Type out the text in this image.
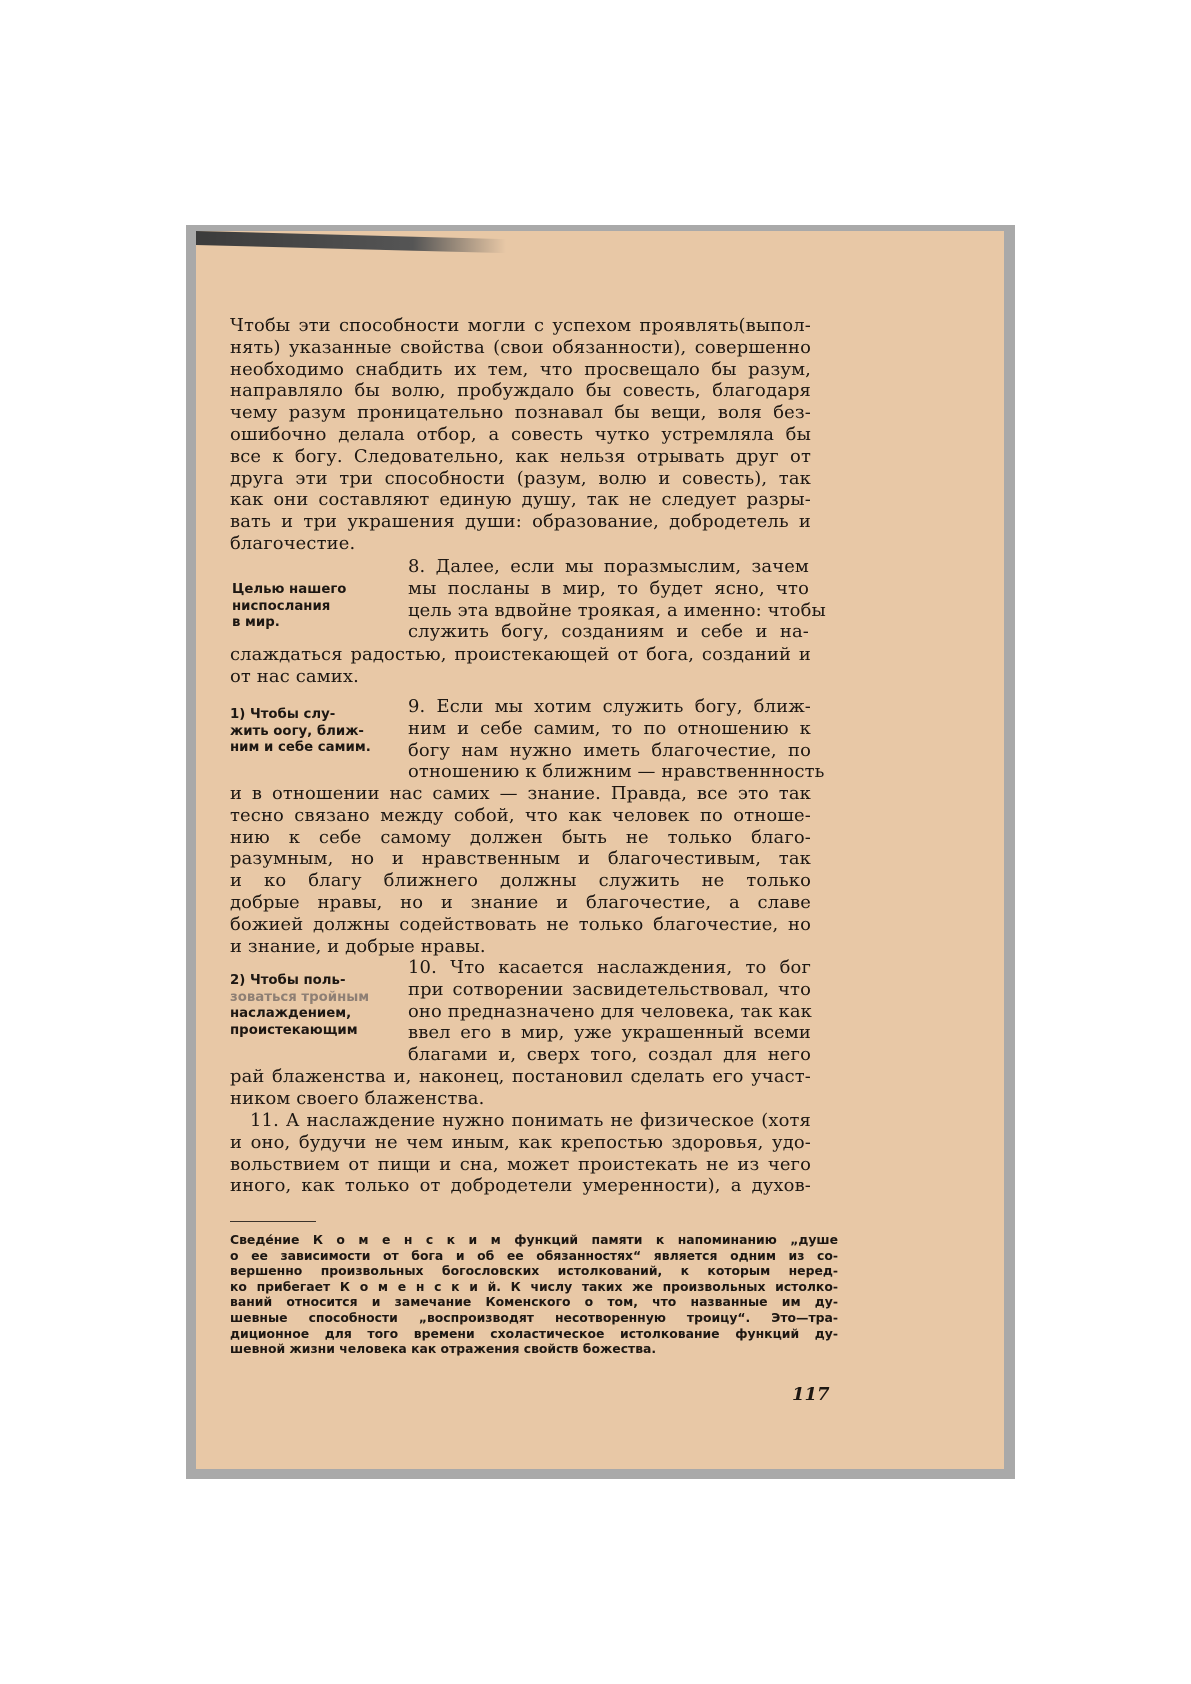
Чтобы эти способности могли с успехом проявлять(выпол-
нять) указанные свойства (свои обязанности), совершенно
необходимо снабдить их тем, что просвещало бы разум,
направляло бы волю, пробуждало бы совесть, благодаря
чему разум проницательно познавал бы вещи, воля без-
ошибочно делала отбор, а совесть чутко устремляла бы
все к богу. Следовательно, как нельзя отрывать друг от
друга эти три способности (разум, волю и совесть), так
как они составляют единую душу, так не следует разры-
вать и три украшения души: образование, добродетель и
благочестие.
Целью нашего
ниспослания
в мир.
8. Далее, если мы поразмыслим, зачем
мы посланы в мир, то будет ясно, что
цель эта вдвойне троякая, а именно: чтобы
служить богу, созданиям и себе и на-
слаждаться радостью, проистекающей от бога, созданий и
от нас самих.
1) Чтобы слу-
жить оогу, ближ-
ним и себе самим.
9. Если мы хотим служить богу, ближ-
ним и себе самим, то по отношению к
богу нам нужно иметь благочестие, по
отношению к ближним — нравственнность
и в отношении нас самих — знание. Правда, все это так
тесно связано между собой, что как человек по отноше-
нию к себе самому должен быть не только благо-
разумным, но и нравственным и благочестивым, так
и ко благу ближнего должны служить не только
добрые нравы, но и знание и благочестие, а славе
божией должны содействовать не только благочестие, но
и знание, и добрые нравы.
2) Чтобы поль-
зоваться тройным
наслаждением,
проистекающим
10. Что касается наслаждения, то бог
при сотворении засвидетельствовал, что
оно предназначено для человека, так как
ввел его в мир, уже украшенный всеми
благами и, сверх того, создал для него
рай блаженства и, наконец, постановил сделать его участ-
ником своего блаженства.
11. А наслаждение нужно понимать не физическое (хотя
и оно, будучи не чем иным, как крепостью здоровья, удо-
вольствием от пищи и сна, может проистекать не из чего
иного, как только от добродетели умеренности), а духов-
Сведе́ние К о м е н с к и м функций памяти к напоминанию „душе
о ее зависимости от бога и об ее обязанностях“ является одним из со-
вершенно произвольных богословских истолкований, к которым неред-
ко прибегает К о м е н с к и й. К числу таких же произвольных истолко-
ваний относится и замечание Коменского о том, что названные им ду-
шевные способности „воспроизводят несотворенную троицу“. Это—тра-
диционное для того времени схоластическое истолкование функций ду-
шевной жизни человека как отражения свойств божества.
117
